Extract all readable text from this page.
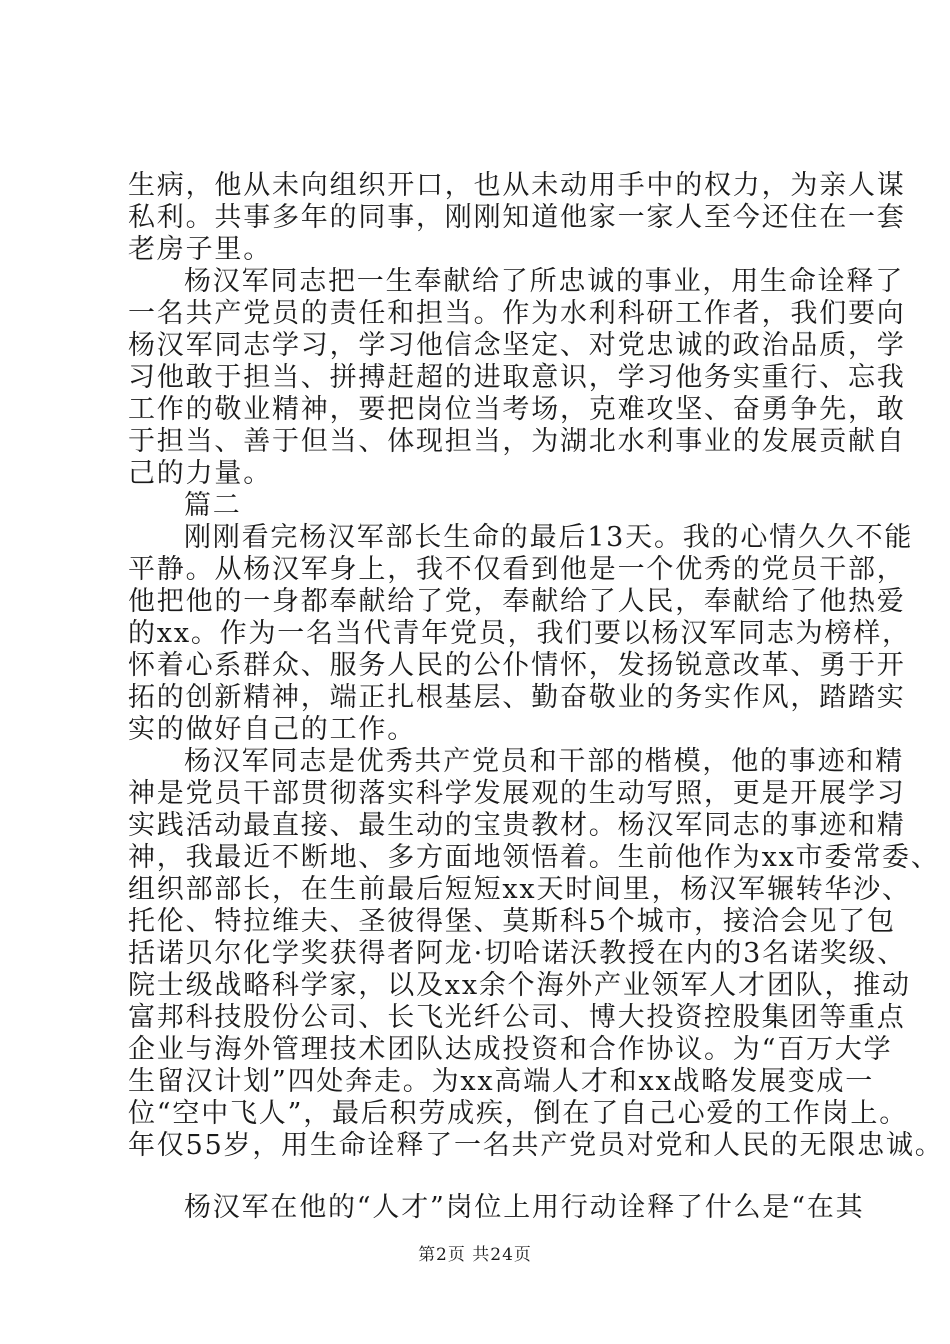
生病，他从未向组织开口，也从未动用手中的权力，为亲人谋
私利。共事多年的同事，刚刚知道他家一家人至今还住在一套
老房子里。
杨汉军同志把一生奉献给了所忠诚的事业，用生命诠释了
一名共产党员的责任和担当。作为水利科研工作者，我们要向
杨汉军同志学习，学习他信念坚定、对党忠诚的政治品质，学
习他敢于担当、拼搏赶超的进取意识，学习他务实重行、忘我
工作的敬业精神，要把岗位当考场，克难攻坚、奋勇争先，敢
于担当、善于但当、体现担当，为湖北水利事业的发展贡献自
己的力量。
篇二
刚刚看完杨汉军部长生命的最后13天。我的心情久久不能
平静。从杨汉军身上，我不仅看到他是一个优秀的党员干部，
他把他的一身都奉献给了党，奉献给了人民，奉献给了他热爱
的xx。作为一名当代青年党员，我们要以杨汉军同志为榜样，
怀着心系群众、服务人民的公仆情怀，发扬锐意改革、勇于开
拓的创新精神，端正扎根基层、勤奋敬业的务实作风，踏踏实
实的做好自己的工作。
杨汉军同志是优秀共产党员和干部的楷模，他的事迹和精
神是党员干部贯彻落实科学发展观的生动写照，更是开展学习
实践活动最直接、最生动的宝贵教材。杨汉军同志的事迹和精
神，我最近不断地、多方面地领悟着。生前他作为xx市委常委、
组织部部长，在生前最后短短xx天时间里，杨汉军辗转华沙、
托伦、特拉维夫、圣彼得堡、莫斯科5个城市，接洽会见了包
括诺贝尔化学奖获得者阿龙·切哈诺沃教授在内的3名诺奖级、
院士级战略科学家，以及xx余个海外产业领军人才团队，推动
富邦科技股份公司、长飞光纤公司、博大投资控股集团等重点
企业与海外管理技术团队达成投资和合作协议。为“百万大学
生留汉计划”四处奔走。为xx高端人才和xx战略发展变成一
位“空中飞人”，最后积劳成疾，倒在了自己心爱的工作岗上。
年仅55岁，用生命诠释了一名共产党员对党和人民的无限忠诚。
杨汉军在他的“人才”岗位上用行动诠释了什么是“在其
第2页 共24页
